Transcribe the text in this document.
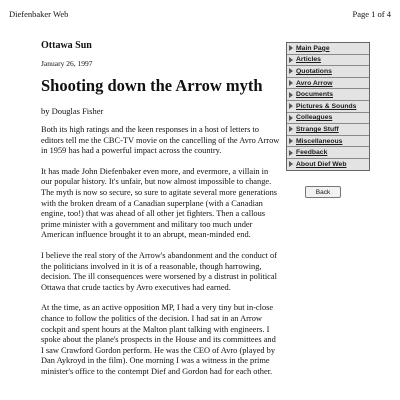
Diefenbaker Web	Page 1 of 4

Ottawa Sun

January 26, 1997

Shooting down the Arrow myth

by Douglas Fisher

Both its high ratings and the keen responses in a host of letters to editors tell me the CBC-TV movie on the cancelling of the Avro Arrow in 1959 has had a powerful impact across the country.

It has made John Diefenbaker even more, and evermore, a villain in our popular history. It's unfair, but now almost impossible to change. The myth is now so secure, so sure to agitate several more generations with the broken dream of a Canadian superplane (with a Canadian engine, too!) that was ahead of all other jet fighters. Then a callous prime minister with a government and military too much under American influence brought it to an abrupt, mean-minded end.

I believe the real story of the Arrow's abandonment and the conduct of the politicians involved in it is of a reasonable, though harrowing, decision. The ill consequences were worsened by a distrust in political Ottawa that crude tactics by Avro executives had earned.

At the time, as an active opposition MP, I had a very tiny but in-close chance to follow the politics of the decision. I had sat in an Arrow cockpit and spent hours at the Malton plant talking with engineers. I spoke about the plane's prospects in the House and its committees and I saw Crawford Gordon perform. He was the CEO of Avro (played by Dan Aykroyd in the film). One morning I was a witness in the prime minister's office to the contempt Dief and Gordon had for each other.

Main Page
Articles
Quotations
Avro Arrow
Documents
Pictures & Sounds
Colleagues
Strange Stuff
Miscellaneous
Feedback
About Dief Web
Back
